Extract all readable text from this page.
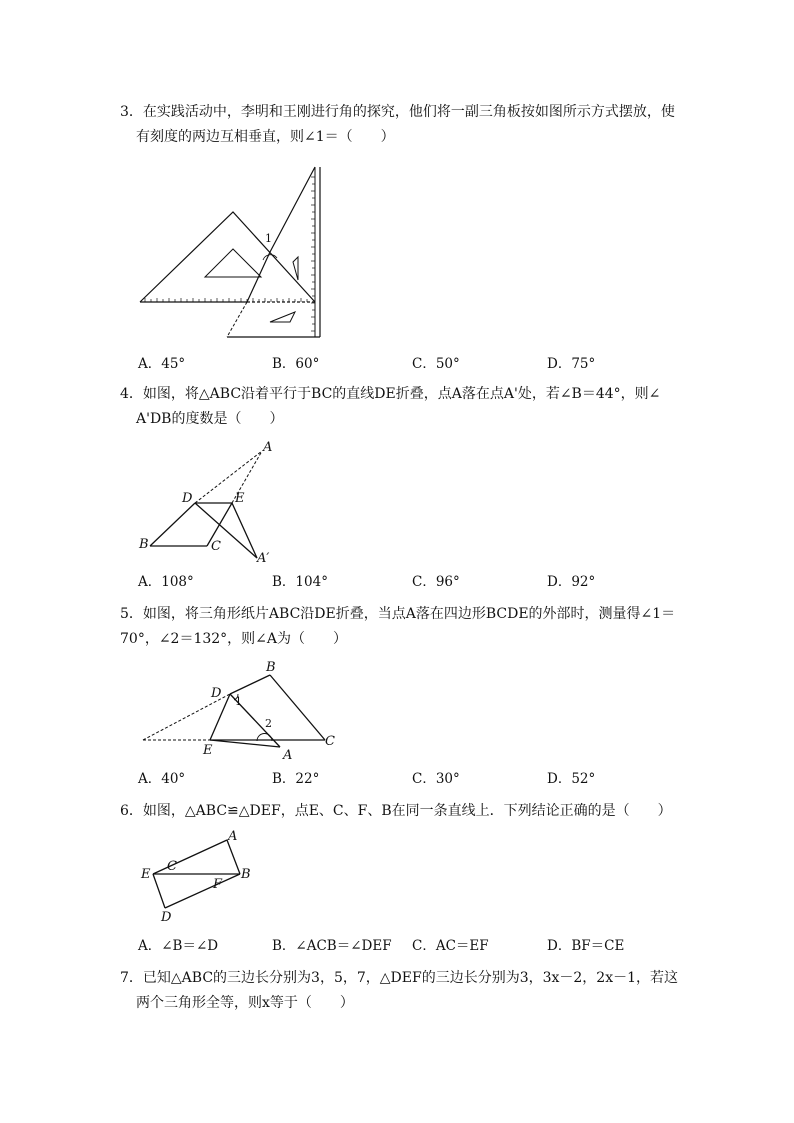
3．在实践活动中，李明和王刚进行角的探究，他们将一副三角板按如图所示方式摆放，使
有刻度的两边互相垂直，则∠1＝（　　）
1
A．45°	B．60°	C．50°	D．75°
4．如图，将△ABC沿着平行于BC的直线DE折叠，点A落在点A'处，若∠B＝44°，则∠
A'DB的度数是（　　）
A
D	E
B	C
A′
A．108°	B．104°	C．96°	D．92°
5．如图，将三角形纸片ABC沿DE折叠，当点A落在四边形BCDE的外部时，测量得∠1＝
70°，∠2＝132°，则∠A为（　　）
B
D
1
2
E	A
C
A．40°	B．22°	C．30°	D．52°
6．如图，△ABC≌△DEF，点E、C、F、B在同一条直线上．下列结论正确的是（　　）
A
C
E
F
B
D
A．∠B＝∠D	B．∠ACB＝∠DEF C．AC＝EF	D．BF＝CE
7．已知△ABC的三边长分别为3，5，7，△DEF的三边长分别为3，3x－2，2x－1，若这
两个三角形全等，则x等于（　　）
